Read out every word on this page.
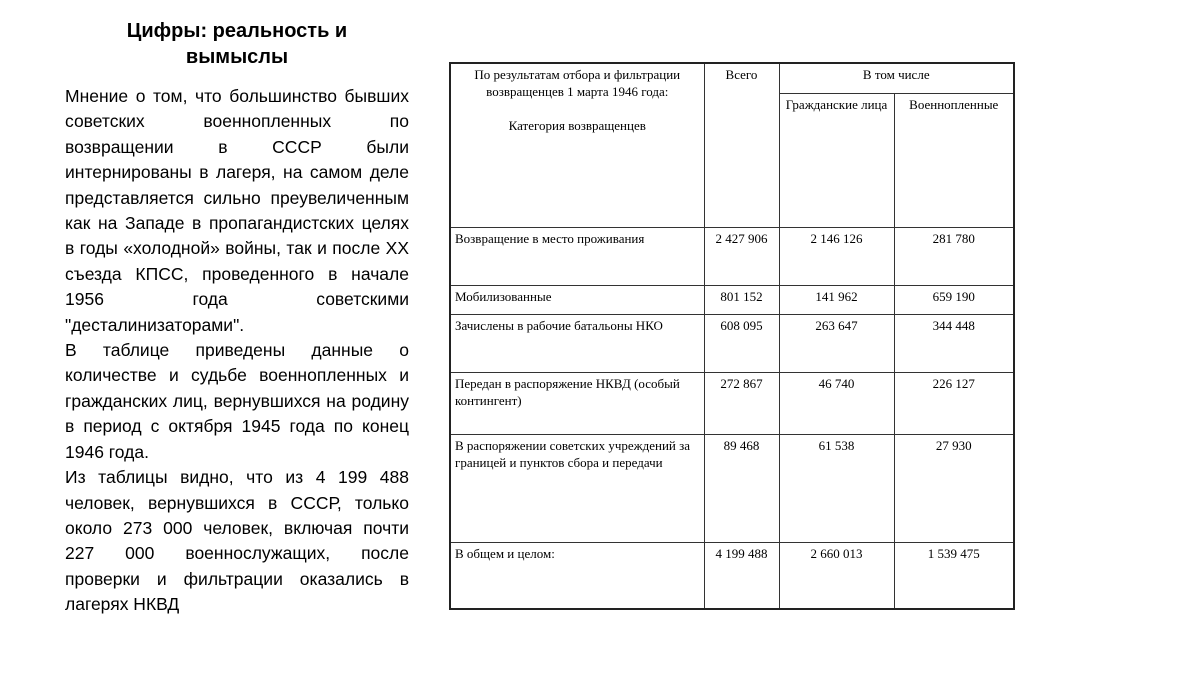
Цифры: реальность и вымыслы

Мнение о том, что большинство бывших советских военнопленных по возвращении в СССР были интернированы в лагеря, на самом деле представляется сильно преувеличенным как на Западе в пропагандистских целях в годы «холодной» войны, так и после XX съезда КПСС, проведенного в начале 1956 года советскими "десталинизаторами".

В таблице приведены данные о количестве и судьбе военнопленных и гражданских лиц, вернувшихся на родину в период с октября 1945 года по конец 1946 года.

Из таблицы видно, что из 4 199 488 человек, вернувшихся в СССР, только около 273 000 человек, включая почти 227 000 военнослужащих, после проверки и фильтрации оказались в лагерях НКВД

По результатам отбора и фильтрации возвращенцев 1 марта 1946 года:
Категория возвращенцев	Всего	В том числе	
		Гражданские лица	Военнопленные
Возвращение в место проживания	2 427 906	2 146 126	281 780
Мобилизованные	801 152	141 962	659 190
Зачислены в рабочие батальоны НКО	608 095	263 647	344 448
Передан в распоряжение НКВД (особый контингент)	272 867	46 740	226 127
В распоряжении советских учреждений за границей и пунктов сбора и передачи	89 468	61 538	27 930
В общем и целом:	4 199 488	2 660 013	1 539 475
